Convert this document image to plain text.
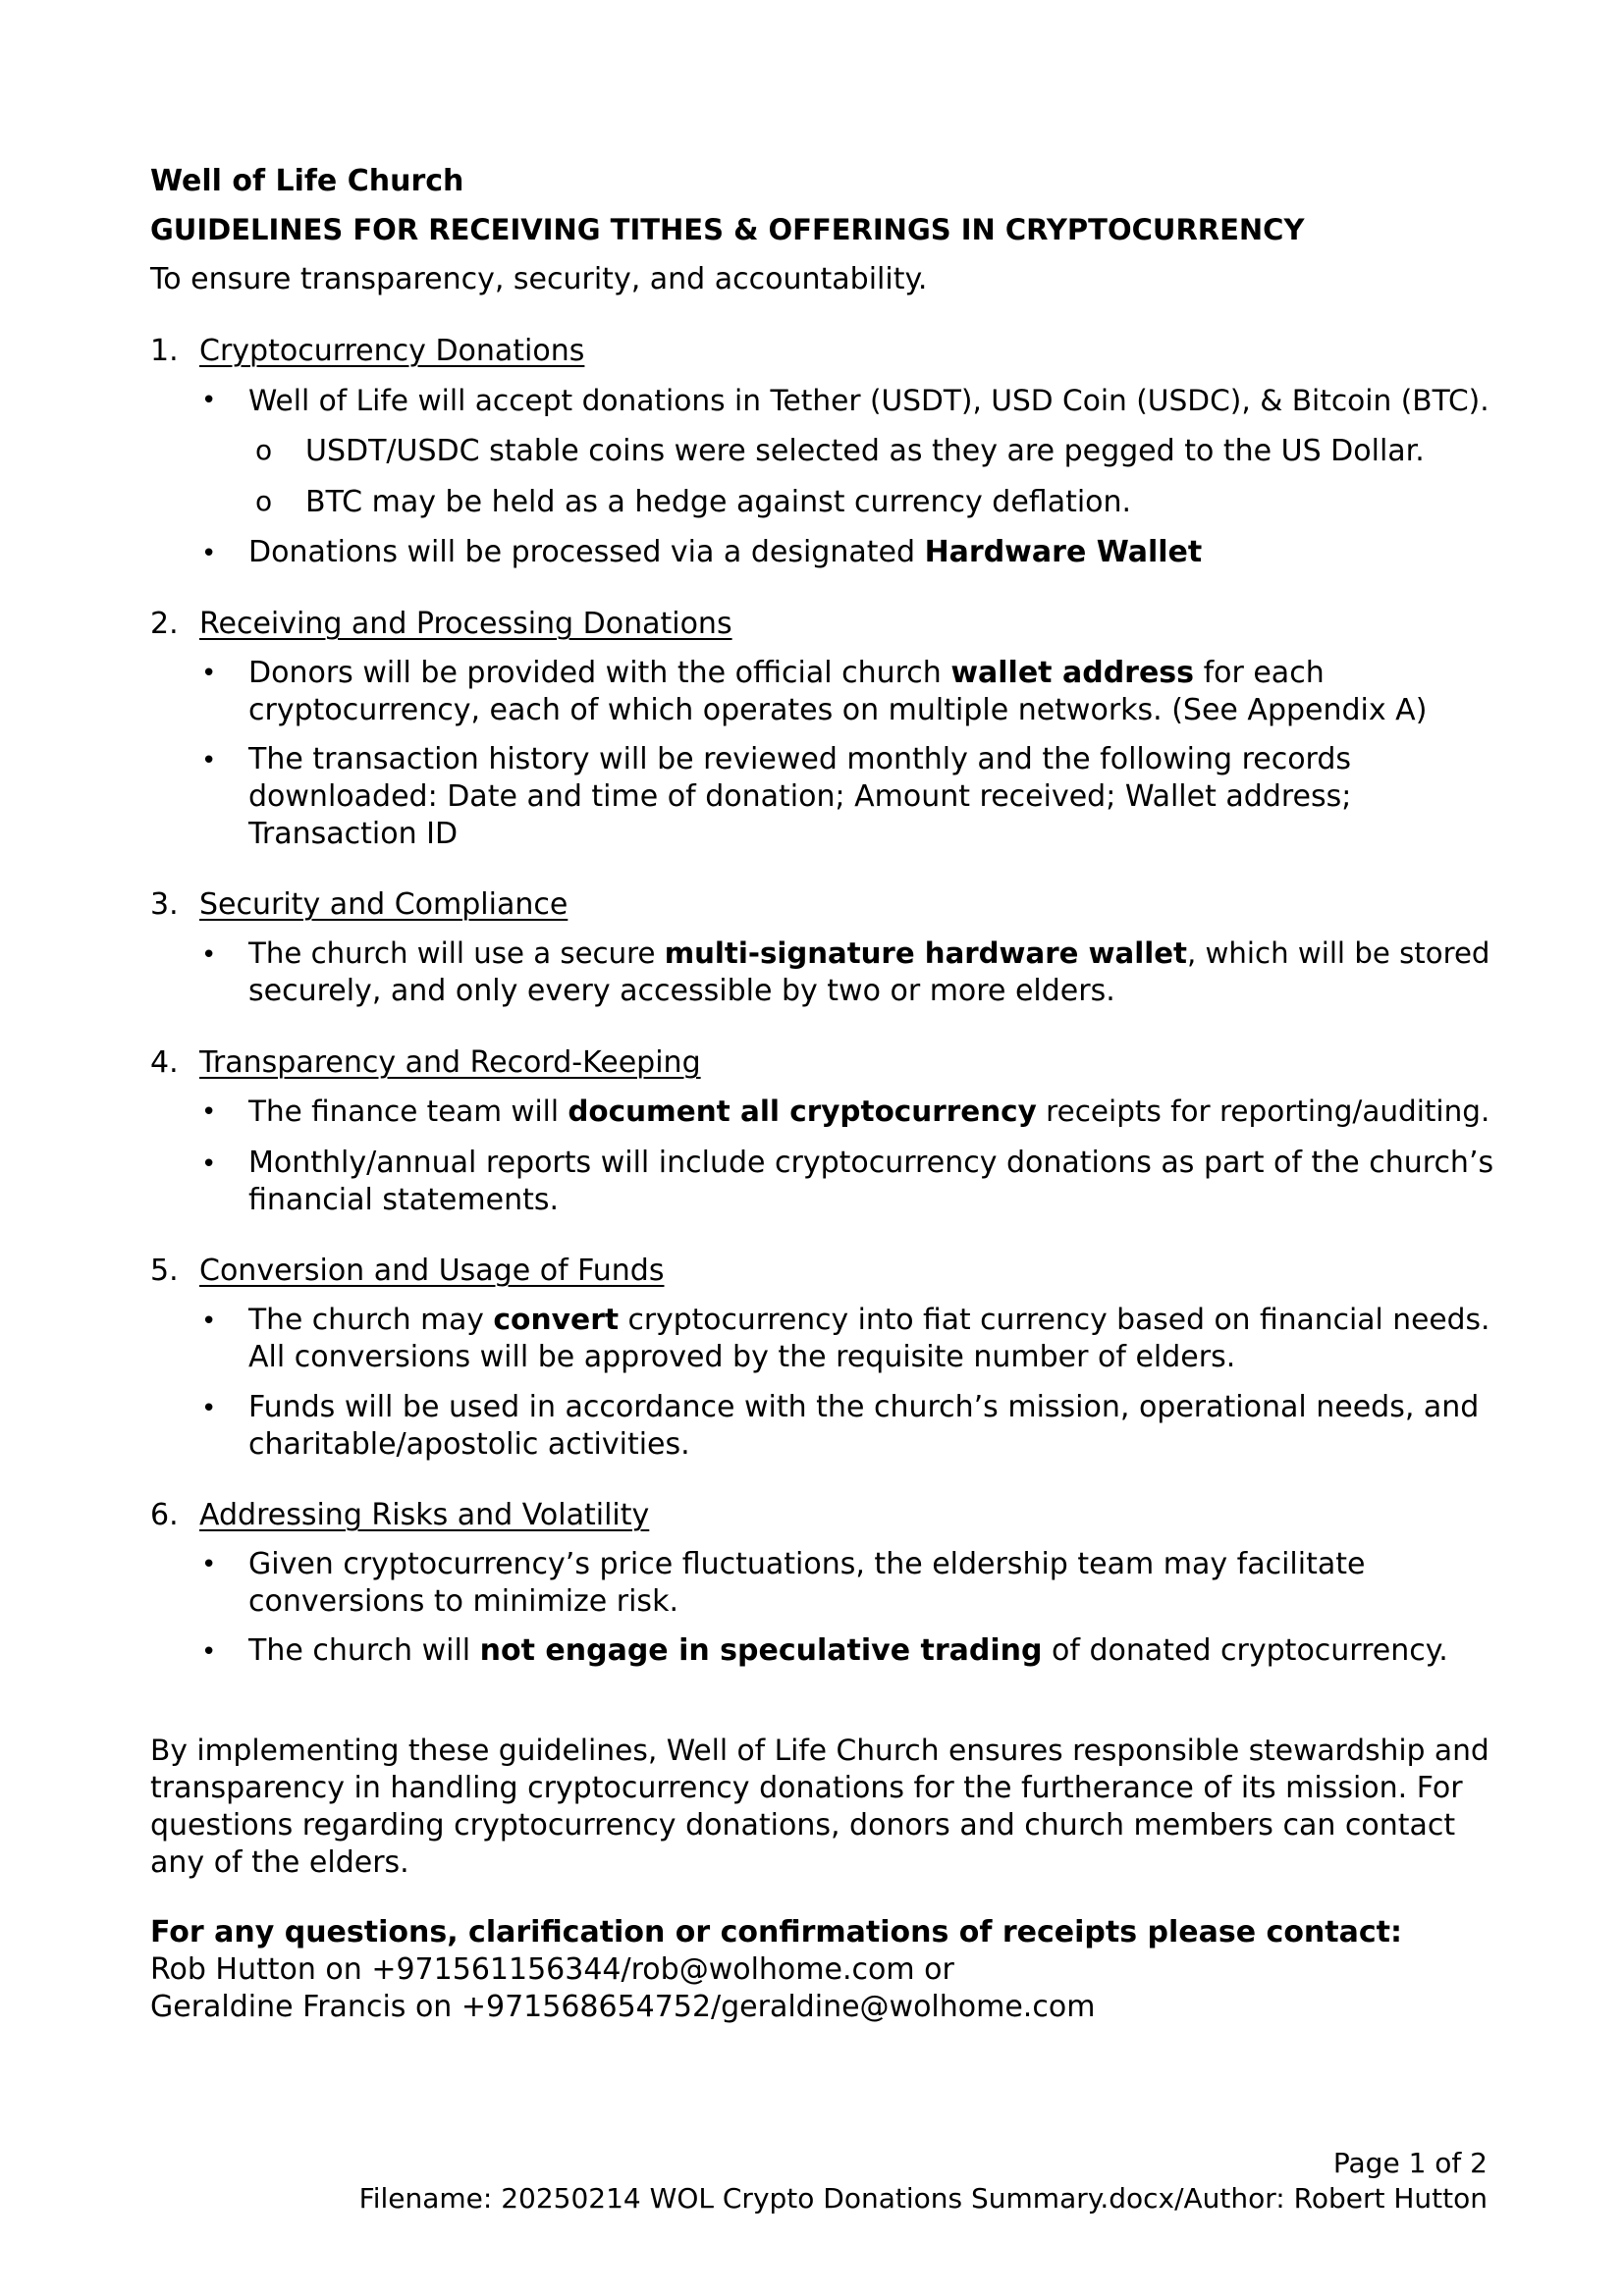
Well of Life Church
GUIDELINES FOR RECEIVING TITHES & OFFERINGS IN CRYPTOCURRENCY
To ensure transparency, security, and accountability.
1. Cryptocurrency Donations
• Well of Life will accept donations in Tether (USDT), USD Coin (USDC), & Bitcoin (BTC).
o USDT/USDC stable coins were selected as they are pegged to the US Dollar.
o BTC may be held as a hedge against currency deflation.
• Donations will be processed via a designated Hardware Wallet
2. Receiving and Processing Donations
• Donors will be provided with the official church wallet address for each
cryptocurrency, each of which operates on multiple networks. (See Appendix A)
• The transaction history will be reviewed monthly and the following records
downloaded: Date and time of donation; Amount received; Wallet address;
Transaction ID
3. Security and Compliance
• The church will use a secure multi-signature hardware wallet, which will be stored
securely, and only every accessible by two or more elders.
4. Transparency and Record-Keeping
• The finance team will document all cryptocurrency receipts for reporting/auditing.
• Monthly/annual reports will include cryptocurrency donations as part of the church’s
financial statements.
5. Conversion and Usage of Funds
• The church may convert cryptocurrency into fiat currency based on financial needs.
All conversions will be approved by the requisite number of elders.
• Funds will be used in accordance with the church’s mission, operational needs, and
charitable/apostolic activities.
6. Addressing Risks and Volatility
• Given cryptocurrency’s price fluctuations, the eldership team may facilitate
conversions to minimize risk.
• The church will not engage in speculative trading of donated cryptocurrency.
By implementing these guidelines, Well of Life Church ensures responsible stewardship and
transparency in handling cryptocurrency donations for the furtherance of its mission. For
questions regarding cryptocurrency donations, donors and church members can contact
any of the elders.
For any questions, clarification or confirmations of receipts please contact:
Rob Hutton on +971561156344/rob@wolhome.com or
Geraldine Francis on +971568654752/geraldine@wolhome.com
Page 1 of 2
Filename: 20250214 WOL Crypto Donations Summary.docx/Author: Robert Hutton
